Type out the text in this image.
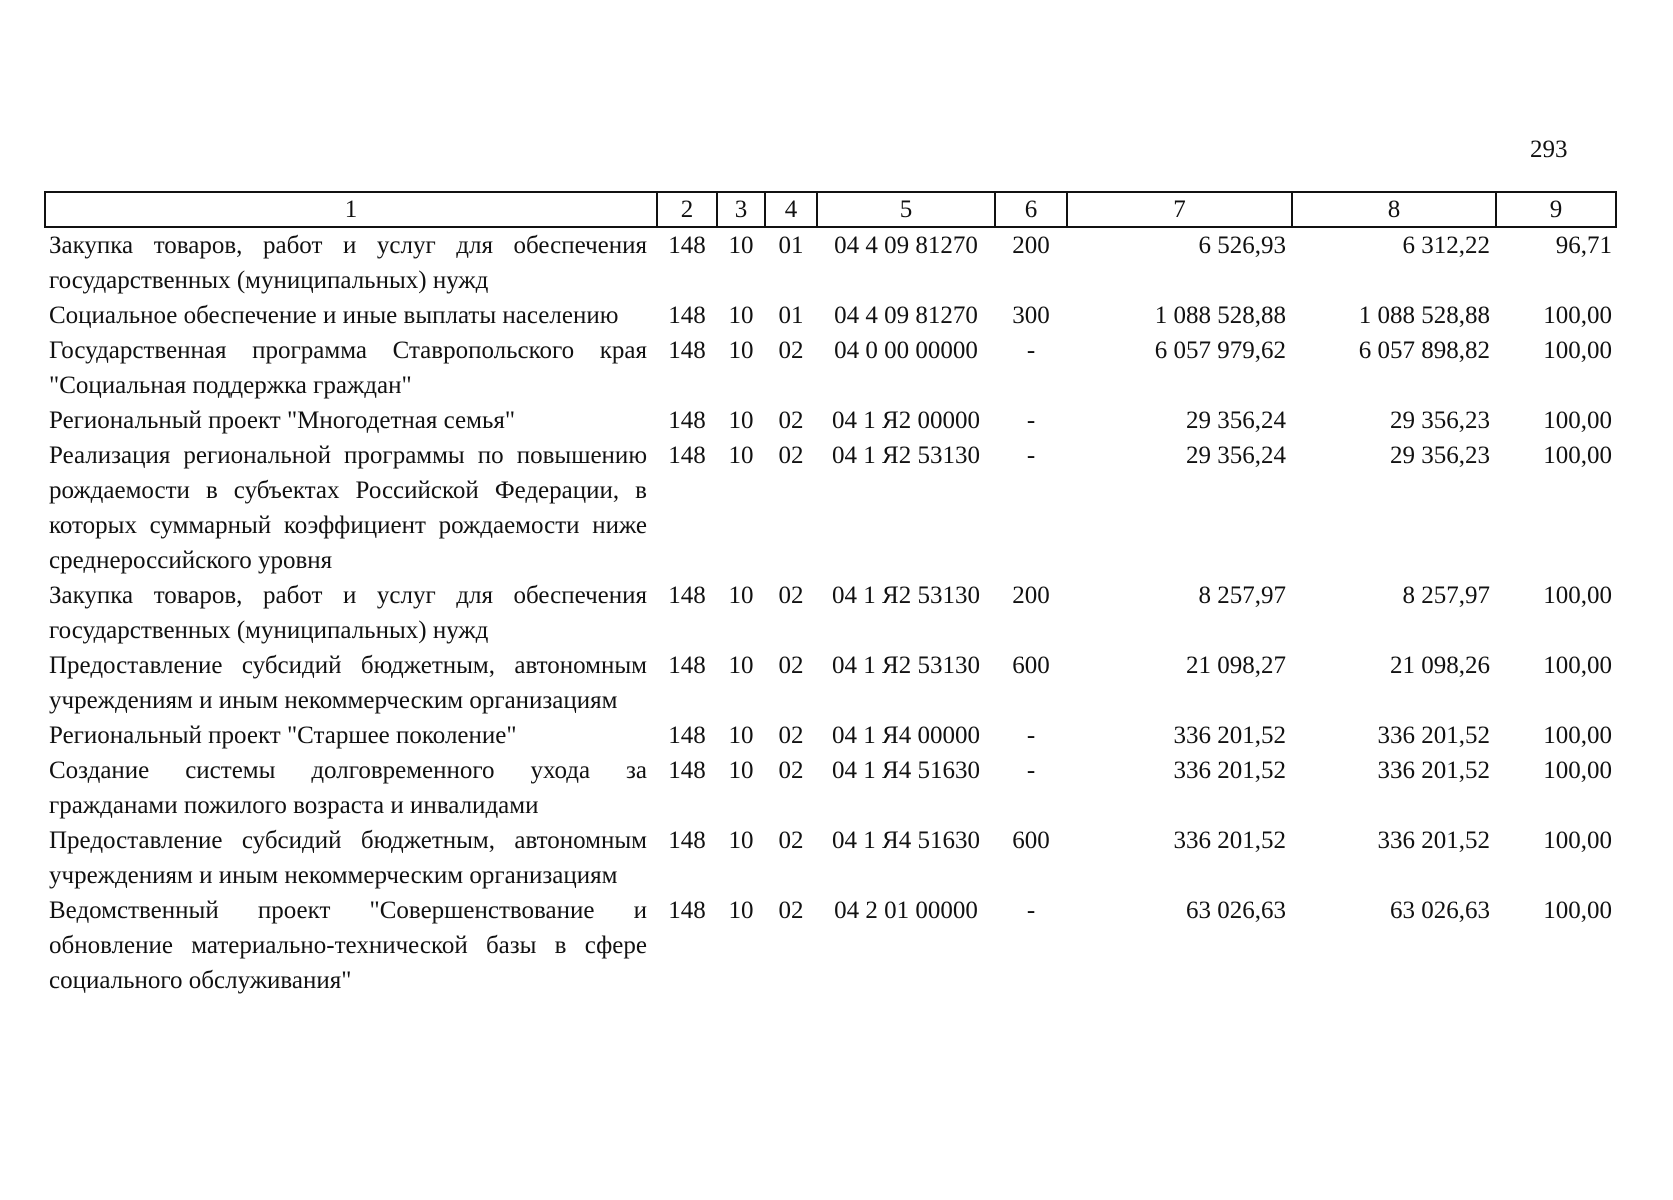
293
1	2	3	4	5	6	7	8	9
Закупка товаров, работ и услуг для обеспечения государственных (муниципальных) нужд	148	10	01	04 4 09 81270	200	6 526,93	6 312,22	96,71
Социальное обеспечение и иные выплаты населению	148	10	01	04 4 09 81270	300	1 088 528,88	1 088 528,88	100,00
Государственная программа Ставропольского края "Социальная поддержка граждан"	148	10	02	04 0 00 00000	-	6 057 979,62	6 057 898,82	100,00
Региональный проект "Многодетная семья"	148	10	02	04 1 Я2 00000	-	29 356,24	29 356,23	100,00
Реализация региональной программы по повышению рождаемости в субъектах Российской Федерации, в которых суммарный коэффициент рождаемости ниже среднероссийского уровня	148	10	02	04 1 Я2 53130	-	29 356,24	29 356,23	100,00
Закупка товаров, работ и услуг для обеспечения государственных (муниципальных) нужд	148	10	02	04 1 Я2 53130	200	8 257,97	8 257,97	100,00
Предоставление субсидий бюджетным, автономным учреждениям и иным некоммерческим организациям	148	10	02	04 1 Я2 53130	600	21 098,27	21 098,26	100,00
Региональный проект "Старшее поколение"	148	10	02	04 1 Я4 00000	-	336 201,52	336 201,52	100,00
Создание системы долговременного ухода за гражданами пожилого возраста и инвалидами	148	10	02	04 1 Я4 51630	-	336 201,52	336 201,52	100,00
Предоставление субсидий бюджетным, автономным учреждениям и иным некоммерческим организациям	148	10	02	04 1 Я4 51630	600	336 201,52	336 201,52	100,00
Ведомственный проект "Совершенствование и обновление материально-технической базы в сфере социального обслуживания"	148	10	02	04 2 01 00000	-	63 026,63	63 026,63	100,00
